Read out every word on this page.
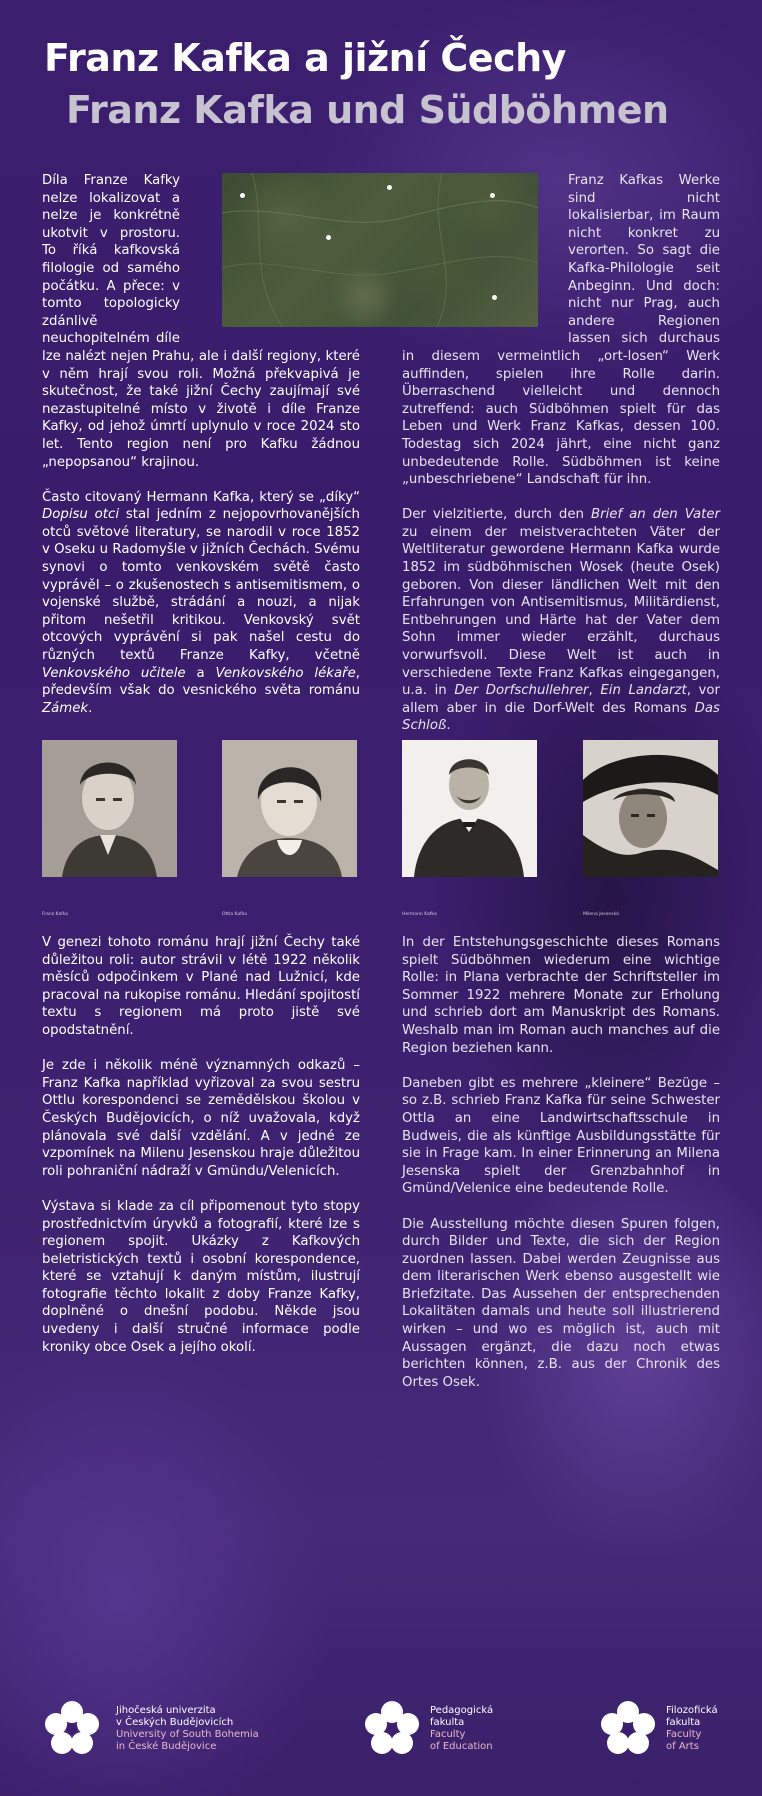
Franz Kafka a jižní Čechy
Franz Kafka und Südböhmen

Díla Franze Kafky nelze lokalizovat a nelze je konkrétně ukotvit v prostoru. To říká kafkovská filologie od samého počátku. A přece: v tomto topologicky zdánlivě neuchopitelném díle lze nalézt nejen Prahu, ale i další regiony, které v něm hrají svou roli. Možná překvapivá je skutečnost, že také jižní Čechy zaujímají své nezastupitelné místo v životě i díle Franze Kafky, od jehož úmrtí uplynulo v roce 2024 sto let. Tento region není pro Kafku žádnou „nepopsanou“ krajinou.

Často citovaný Hermann Kafka, který se „díky“ Dopisu otci stal jedním z nejopovrhovanějších otců světové literatury, se narodil v roce 1852 v Oseku u Radomyšle v jižních Čechách. Svému synovi o tomto venkovském světě často vyprávěl – o zkušenostech s antisemitismem, o vojenské službě, strádání a nouzi, a nijak přitom nešetřil kritikou. Venkovský svět otcových vyprávění si pak našel cestu do různých textů Franze Kafky, včetně Venkovského učitele a Venkovského lékaře, především však do vesnického světa románu Zámek.

Franz Kafkas Werke sind nicht lokalisierbar, im Raum nicht konkret zu verorten. So sagt die Kafka-Philologie seit Anbeginn. Und doch: nicht nur Prag, auch andere Regionen lassen sich durchaus in diesem vermeintlich „ort-losen“ Werk auffinden, spielen ihre Rolle darin. Überraschend vielleicht und dennoch zutreffend: auch Südböhmen spielt für das Leben und Werk Franz Kafkas, dessen 100. Todestag sich 2024 jährt, eine nicht ganz unbedeutende Rolle. Südböhmen ist keine „unbeschriebene“ Landschaft für ihn.

Der vielzitierte, durch den Brief an den Vater zu einem der meistverachteten Väter der Weltliteratur gewordene Hermann Kafka wurde 1852 im südböhmischen Wosek (heute Osek) geboren. Von dieser ländlichen Welt mit den Erfahrungen von Antisemitismus, Militärdienst, Entbehrungen und Härte hat der Vater dem Sohn immer wieder erzählt, durchaus vorwurfsvoll. Diese Welt ist auch in verschiedene Texte Franz Kafkas eingegangen, u.a. in Der Dorfschullehrer, Ein Landarzt, vor allem aber in die Dorf-Welt des Romans Das Schloß.

Franz Kafka	Ottla Kafka	Hermann Kafka	Milena Jesenská

V genezi tohoto románu hrají jižní Čechy také důležitou roli: autor strávil v létě 1922 několik měsíců odpočinkem v Plané nad Lužnicí, kde pracoval na rukopise románu. Hledání spojitostí textu s regionem má proto jistě své opodstatnění.

Je zde i několik méně významných odkazů – Franz Kafka například vyřizoval za svou sestru Ottlu korespondenci se zemědělskou školou v Českých Budějovicích, o níž uvažovala, když plánovala své další vzdělání. A v jedné ze vzpomínek na Milenu Jesenskou hraje důležitou roli pohraniční nádraží v Gmündu/Velenicích.

Výstava si klade za cíl připomenout tyto stopy prostřednictvím úryvků a fotografií, které lze s regionem spojit. Ukázky z Kafkových beletristických textů i osobní korespondence, které se vztahují k daným místům, ilustrují fotografie těchto lokalit z doby Franze Kafky, doplněné o dnešní podobu. Někde jsou uvedeny i další stručné informace podle kroniky obce Osek a jejího okolí.

In der Entstehungsgeschichte dieses Romans spielt Südböhmen wiederum eine wichtige Rolle: in Plana verbrachte der Schriftsteller im Sommer 1922 mehrere Monate zur Erholung und schrieb dort am Manuskript des Romans. Weshalb man im Roman auch manches auf die Region beziehen kann.

Daneben gibt es mehrere „kleinere“ Bezüge – so z.B. schrieb Franz Kafka für seine Schwester Ottla an eine Landwirtschaftsschule in Budweis, die als künftige Ausbildungsstätte für sie in Frage kam. In einer Erinnerung an Milena Jesenska spielt der Grenzbahnhof in Gmünd/Velenice eine bedeutende Rolle.

Die Ausstellung möchte diesen Spuren folgen, durch Bilder und Texte, die sich der Region zuordnen lassen. Dabei werden Zeugnisse aus dem literarischen Werk ebenso ausgestellt wie Briefzitate. Das Aussehen der entsprechenden Lokalitäten damals und heute soll illustrierend wirken – und wo es möglich ist, auch mit Aussagen ergänzt, die dazu noch etwas berichten können, z.B. aus der Chronik des Ortes Osek.

Jihočeská univerzita
v Českých Budějovicích
University of South Bohemia
in České Budějovice
Pedagogická
fakulta
Faculty
of Education
Filozofická
fakulta
Faculty
of Arts
